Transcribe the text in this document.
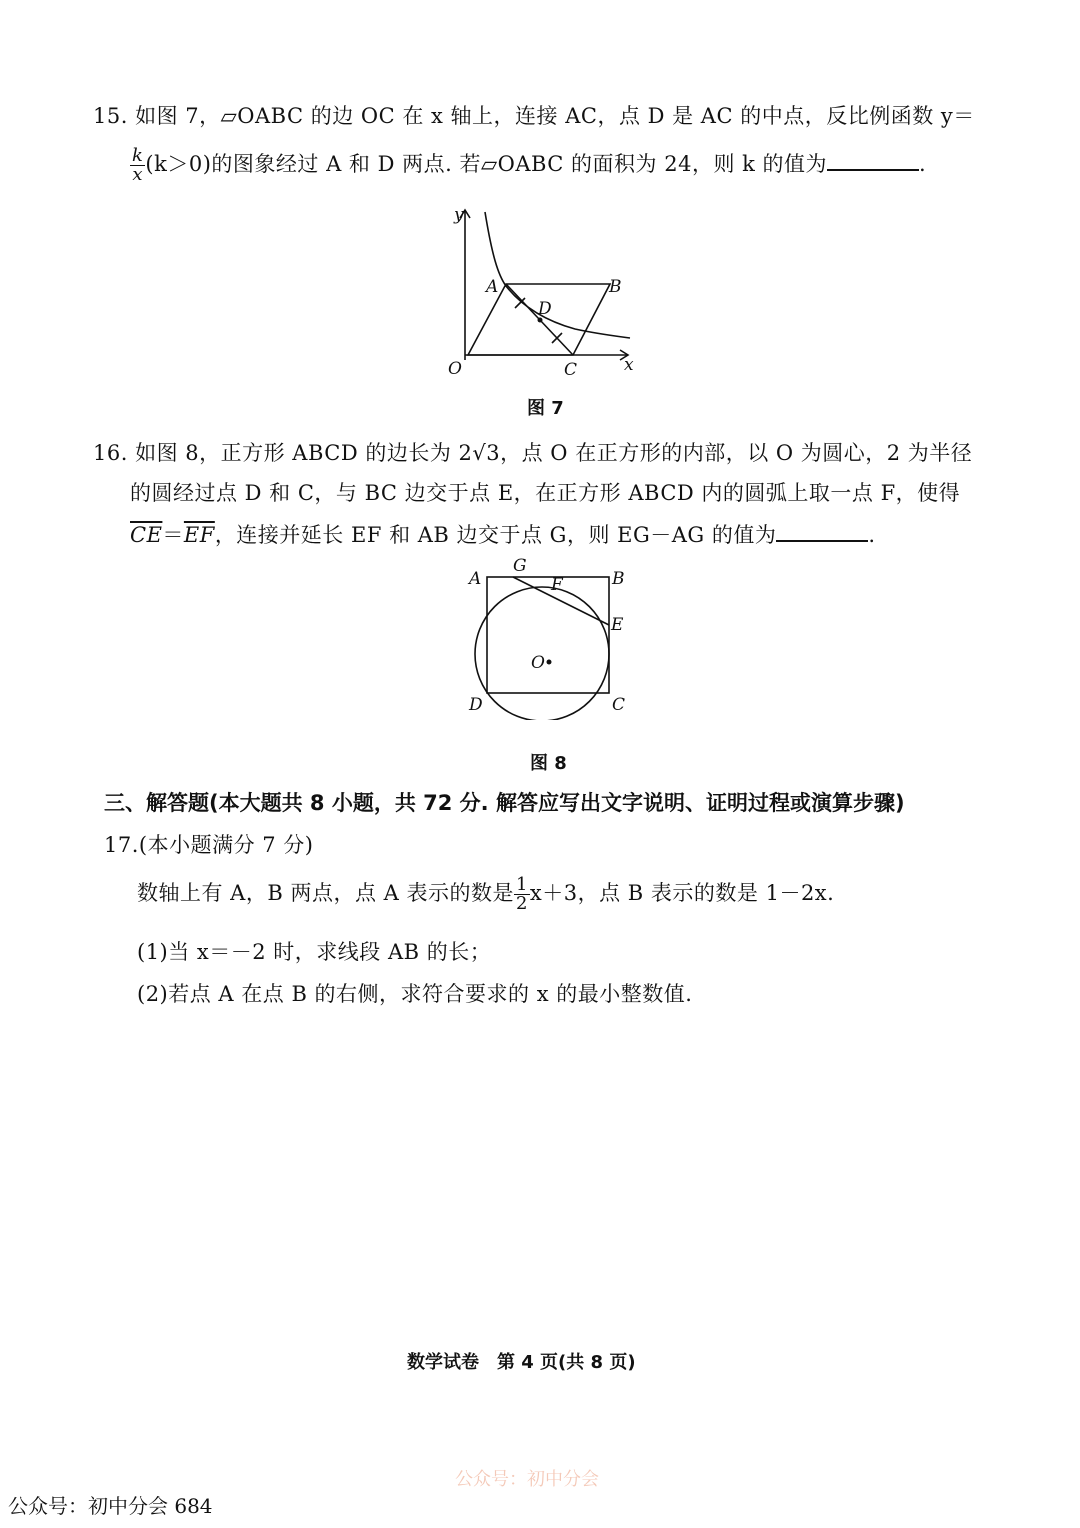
15. 如图 7，▱OABC 的边 OC 在 x 轴上，连接 AC，点 D 是 AC 的中点，反比例函数 y＝
$\frac{k}{x} (k>0)$的图象经过 A 和 D 两点. 若▱OABC 的面积为 24，则 k 的值为	.
y
x
O
A	B
C
D
图 7
16. 如图 8，正方形 ABCD 的边长为 2√3，点 O 在正方形的内部，以 O 为圆心，2 为半径
的圆经过点 D 和 C，与 BC 边交于点 E，在正方形 ABCD 内的圆弧上取一点 F，使得
$\overline{CE}=\overline{EF}$，连接并延长 EF 和 AB 边交于点 G，则 EG－AG 的值为	.
A	B
C
D
E
F
G
O
图 8
三、解答题(本大题共 8 小题，共 72 分. 解答应写出文字说明、证明过程或演算步骤)
17.(本小题满分 7 分)
数轴上有 A，B 两点，点 A 表示的数是 $\frac{1}{2} x+3$，点 B 表示的数是 1－2x.
(1)当 x＝－2 时，求线段 AB 的长；
(2)若点 A 在点 B 的右侧，求符合要求的 x 的最小整数值.
数学试卷　第 4 页(共 8 页)
公众号：初中分会
公众号：初中分会 684
